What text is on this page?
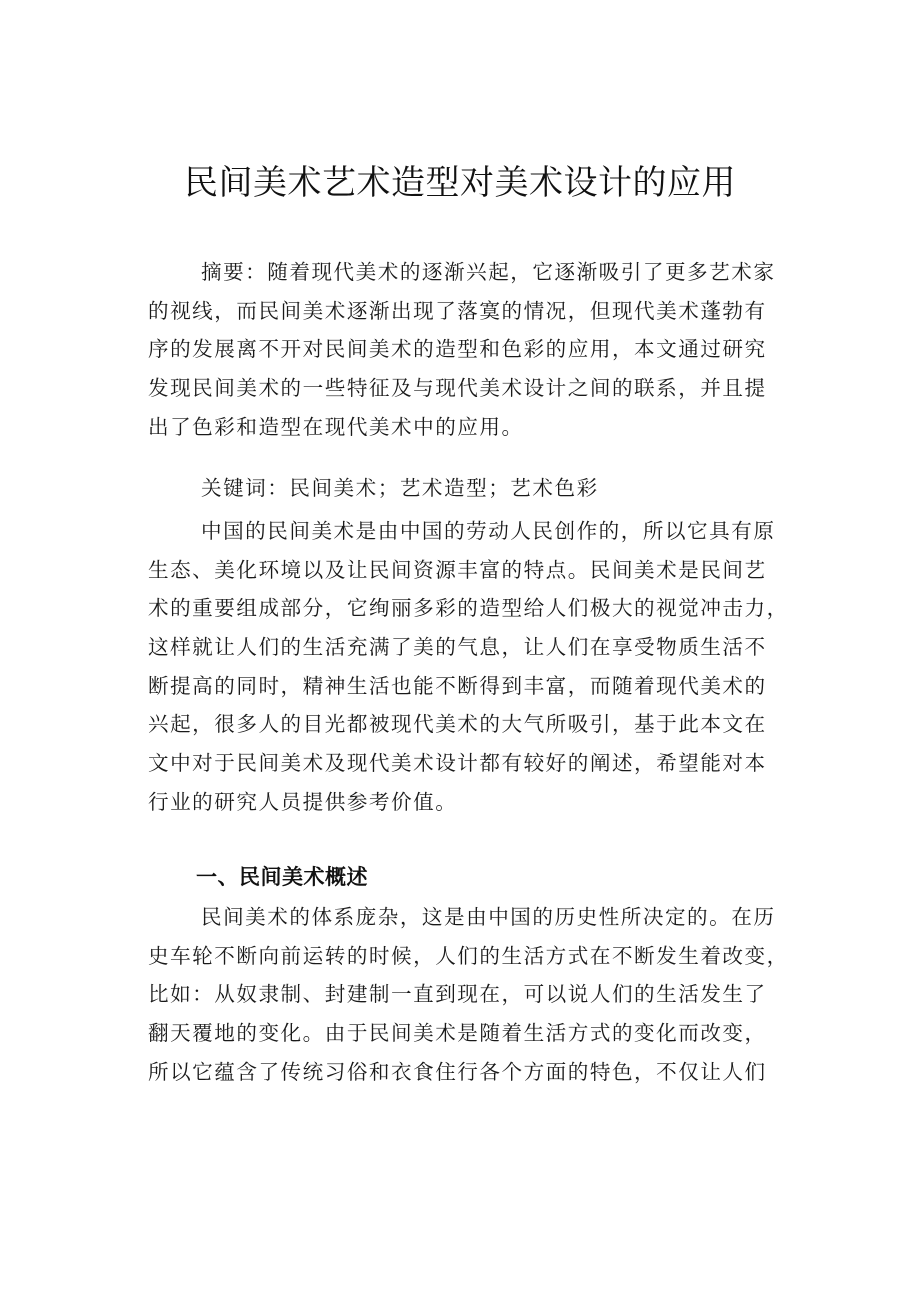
民间美术艺术造型对美术设计的应用
摘要：随着现代美术的逐渐兴起，它逐渐吸引了更多艺术家
的视线，而民间美术逐渐出现了落寞的情况，但现代美术蓬勃有
序的发展离不开对民间美术的造型和色彩的应用，本文通过研究
发现民间美术的一些特征及与现代美术设计之间的联系，并且提
出了色彩和造型在现代美术中的应用。
关键词：民间美术；艺术造型；艺术色彩
中国的民间美术是由中国的劳动人民创作的，所以它具有原
生态、美化环境以及让民间资源丰富的特点。民间美术是民间艺
术的重要组成部分，它绚丽多彩的造型给人们极大的视觉冲击力，
这样就让人们的生活充满了美的气息，让人们在享受物质生活不
断提高的同时，精神生活也能不断得到丰富，而随着现代美术的
兴起，很多人的目光都被现代美术的大气所吸引，基于此本文在
文中对于民间美术及现代美术设计都有较好的阐述，希望能对本
行业的研究人员提供参考价值。
一、民间美术概述
民间美术的体系庞杂，这是由中国的历史性所决定的。在历
史车轮不断向前运转的时候，人们的生活方式在不断发生着改变，
比如：从奴隶制、封建制一直到现在，可以说人们的生活发生了
翻天覆地的变化。由于民间美术是随着生活方式的变化而改变，
所以它蕴含了传统习俗和衣食住行各个方面的特色，不仅让人们
